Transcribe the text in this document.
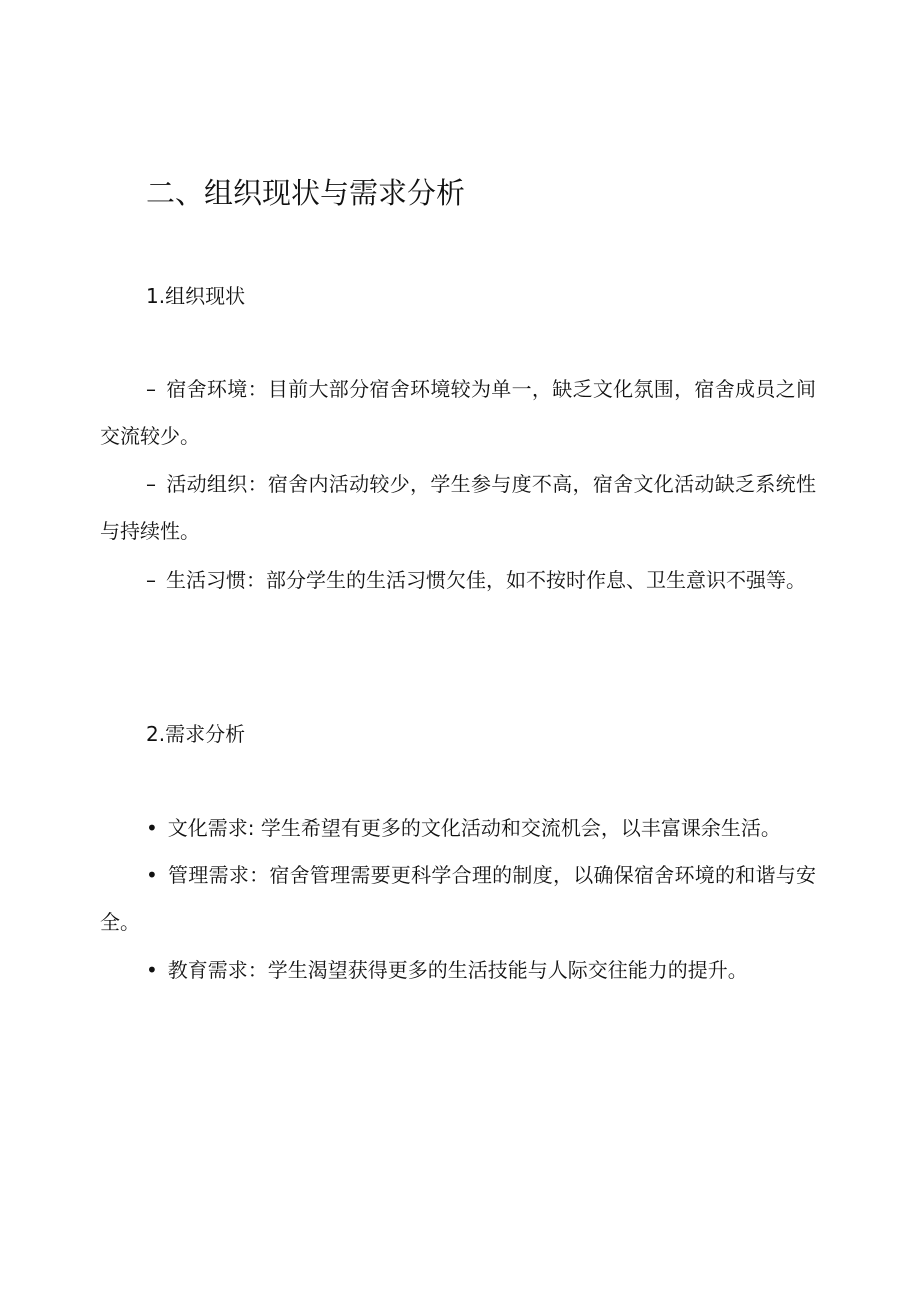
二、组织现状与需求分析
1.组织现状
– 宿舍环境：目前大部分宿舍环境较为单一，缺乏文化氛围，宿舍成员之间交流较少。
– 活动组织：宿舍内活动较少，学生参与度不高，宿舍文化活动缺乏系统性与持续性。
– 生活习惯：部分学生的生活习惯欠佳，如不按时作息、卫生意识不强等。
2.需求分析
• 文化需求: 学生希望有更多的文化活动和交流机会，以丰富课余生活。
• 管理需求：宿舍管理需要更科学合理的制度，以确保宿舍环境的和谐与安全。
• 教育需求：学生渴望获得更多的生活技能与人际交往能力的提升。
